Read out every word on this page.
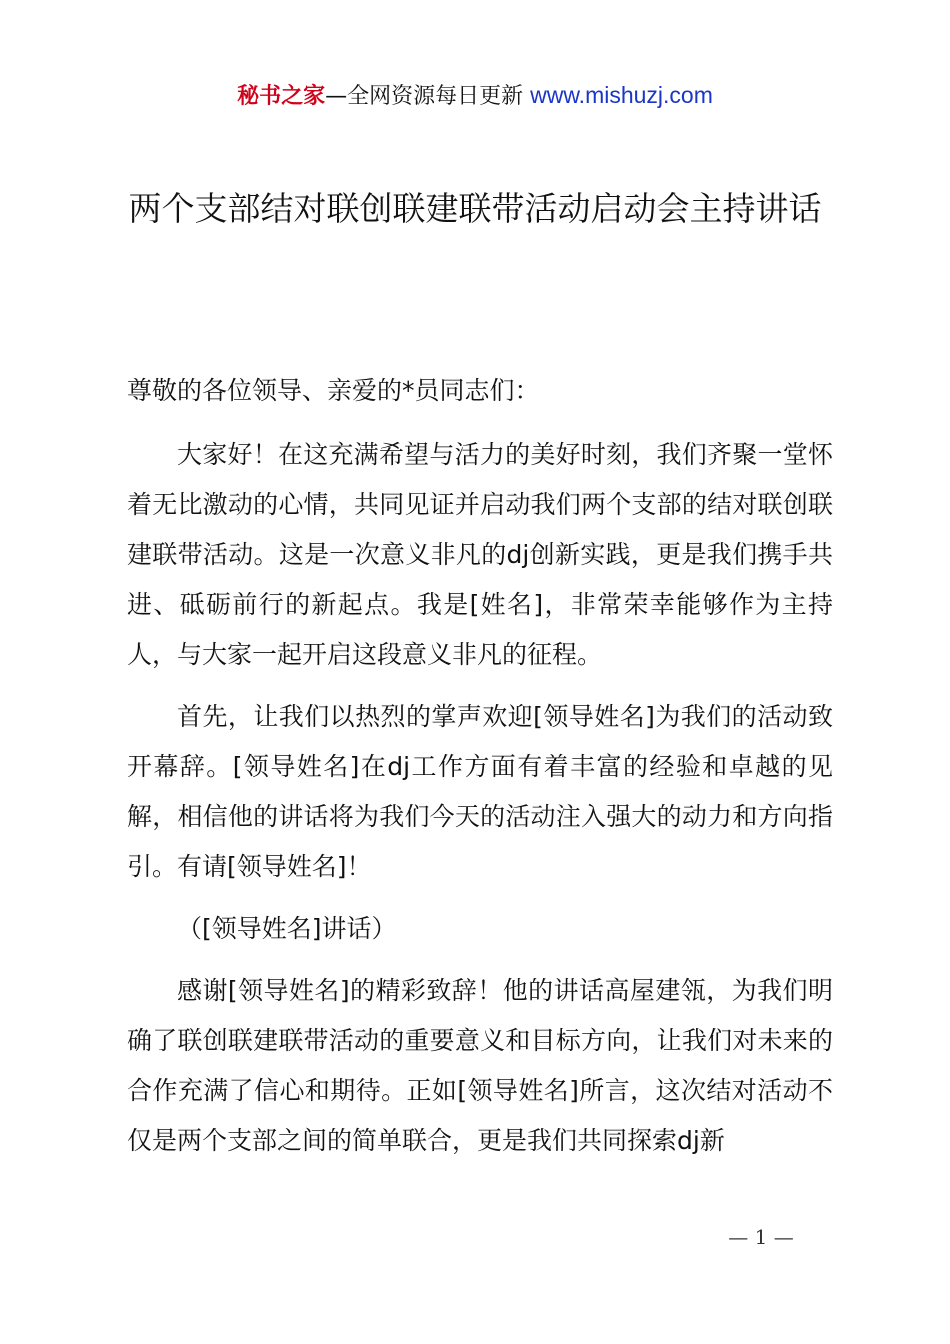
秘书之家—全网资源每日更新 www.mishuzj.com
两个支部结对联创联建联带活动启动会主持讲话

尊敬的各位领导、亲爱的*员同志们：

大家好！在这充满希望与活力的美好时刻，我们齐聚一堂怀着无比激动的心情，共同见证并启动我们两个支部的结对联创联建联带活动。这是一次意义非凡的dj创新实践，更是我们携手共进、砥砺前行的新起点。我是[姓名]，非常荣幸能够作为主持人，与大家一起开启这段意义非凡的征程。

首先，让我们以热烈的掌声欢迎[领导姓名]为我们的活动致开幕辞。[领导姓名]在dj工作方面有着丰富的经验和卓越的见解，相信他的讲话将为我们今天的活动注入强大的动力和方向指引。有请[领导姓名]！

（[领导姓名]讲话）

感谢[领导姓名]的精彩致辞！他的讲话高屋建瓴，为我们明确了联创联建联带活动的重要意义和目标方向，让我们对未来的合作充满了信心和期待。正如[领导姓名]所言，这次结对活动不仅是两个支部之间的简单联合，更是我们共同探索dj新

— 1 —
